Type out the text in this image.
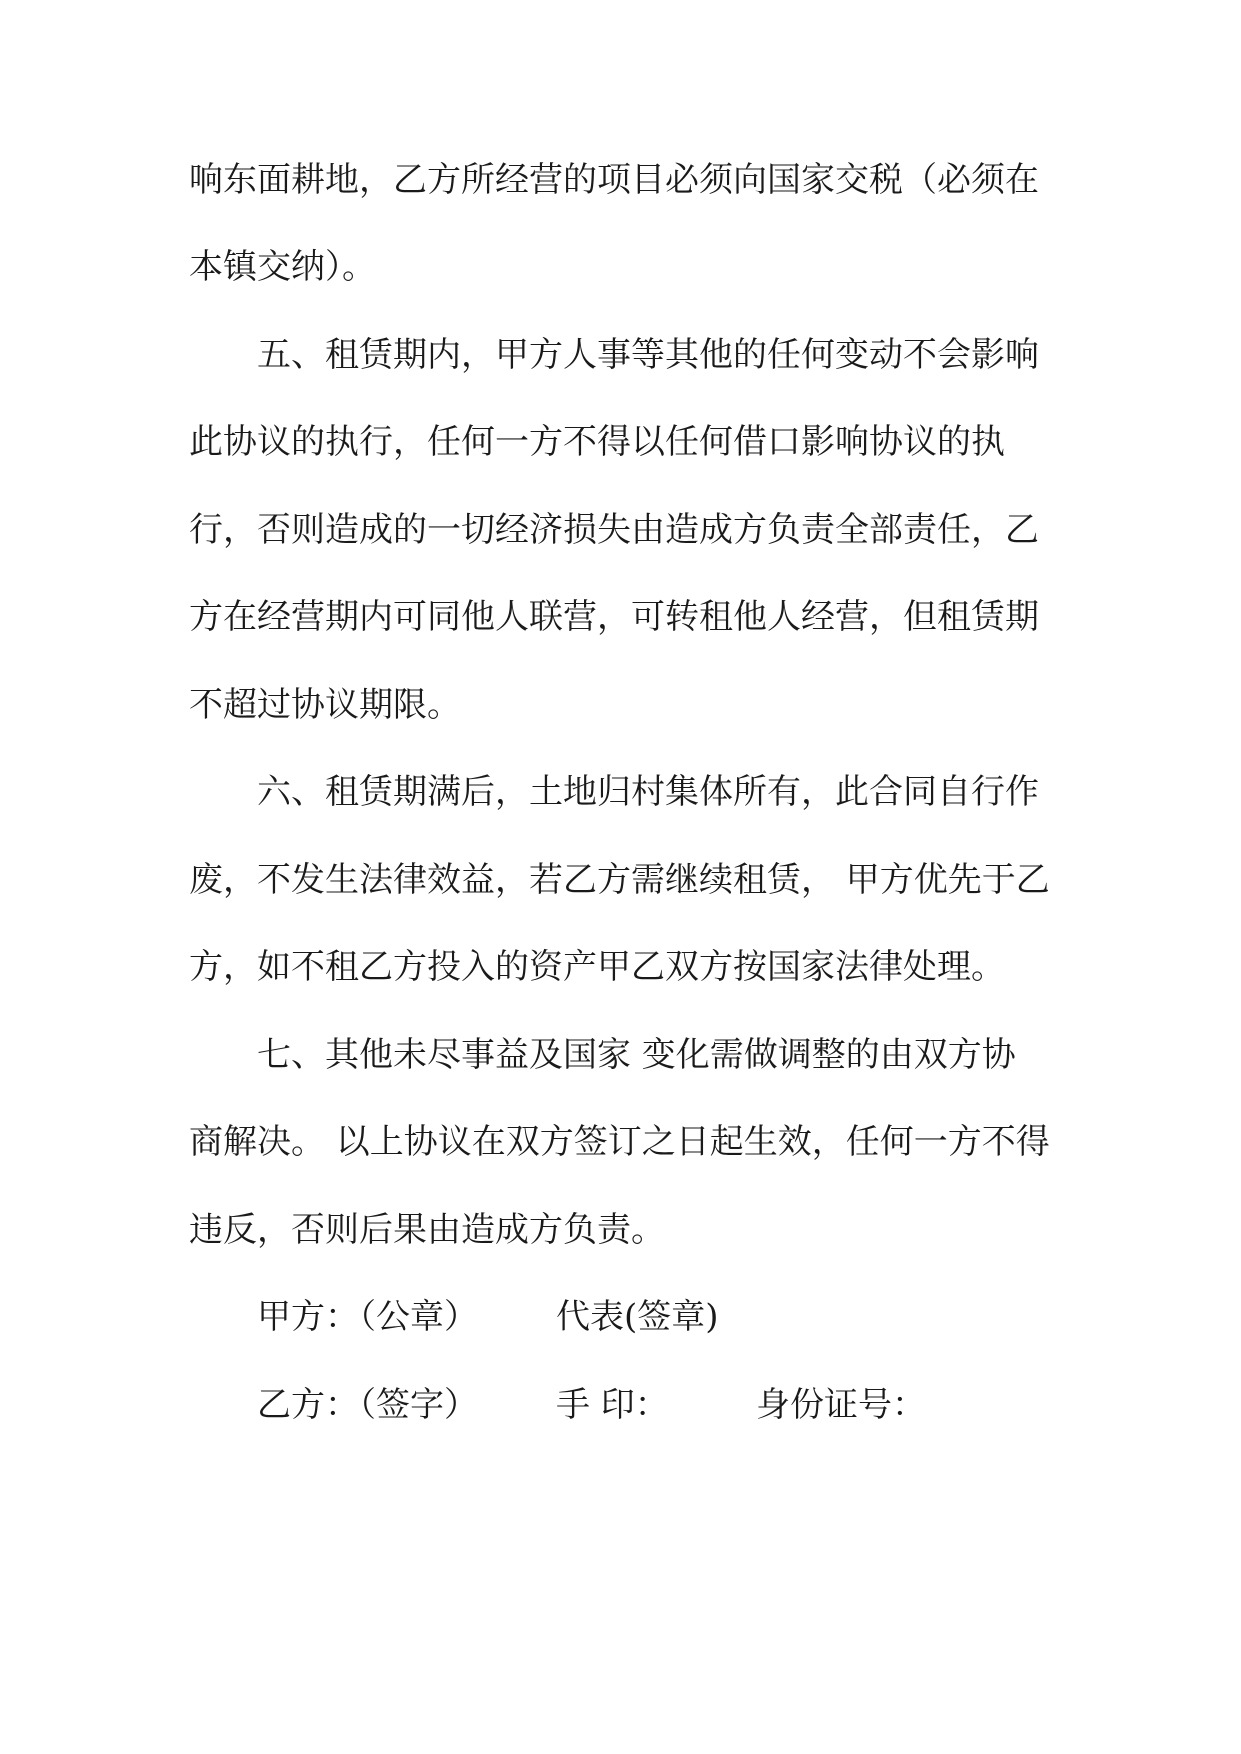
响东面耕地，乙方所经营的项目必须向国家交税（必须在
本镇交纳）。
五、租赁期内，甲方人事等其他的任何变动不会影响
此协议的执行，任何一方不得以任何借口影响协议的执
行，否则造成的一切经济损失由造成方负责全部责任，乙
方在经营期内可同他人联营，可转租他人经营，但租赁期
不超过协议期限。
六、租赁期满后，土地归村集体所有，此合同自行作
废，不发生法律效益，若乙方需继续租赁， 甲方优先于乙
方，如不租乙方投入的资产甲乙双方按国家法律处理。
七、其他未尽事益及国家 变化需做调整的由双方协
商解决。 以上协议在双方签订之日起生效，任何一方不得
违反，否则后果由造成方负责。
甲方：（公章） 代表(签章)
乙方：（签字） 手 印：	身份证号：
